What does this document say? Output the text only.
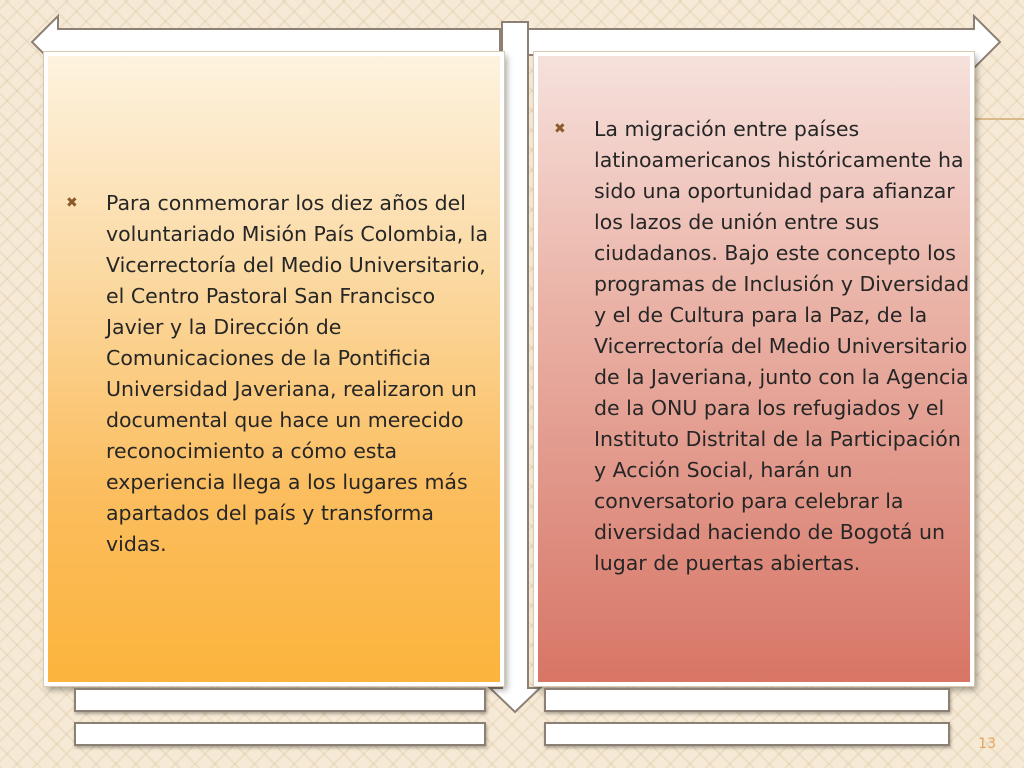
✖	Para conmemorar los diez años del voluntariado Misión País Colombia, la Vicerrectoría del Medio Universitario, el Centro Pastoral San Francisco Javier y la Dirección de Comunicaciones de la Pontificia Universidad Javeriana, realizaron un documental que hace un merecido reconocimiento a cómo esta experiencia llega a los lugares más apartados del país y transforma vidas.
✖	La migración entre países latinoamericanos históricamente ha sido una oportunidad para afianzar los lazos de unión entre sus ciudadanos. Bajo este concepto los programas de Inclusión y Diversidad y el de Cultura para la Paz, de la Vicerrectoría del Medio Universitario de la Javeriana, junto con la Agencia de la ONU para los refugiados y el Instituto Distrital de la Participación y Acción Social, harán un conversatorio para celebrar la diversidad haciendo de Bogotá un lugar de puertas abiertas.
13
